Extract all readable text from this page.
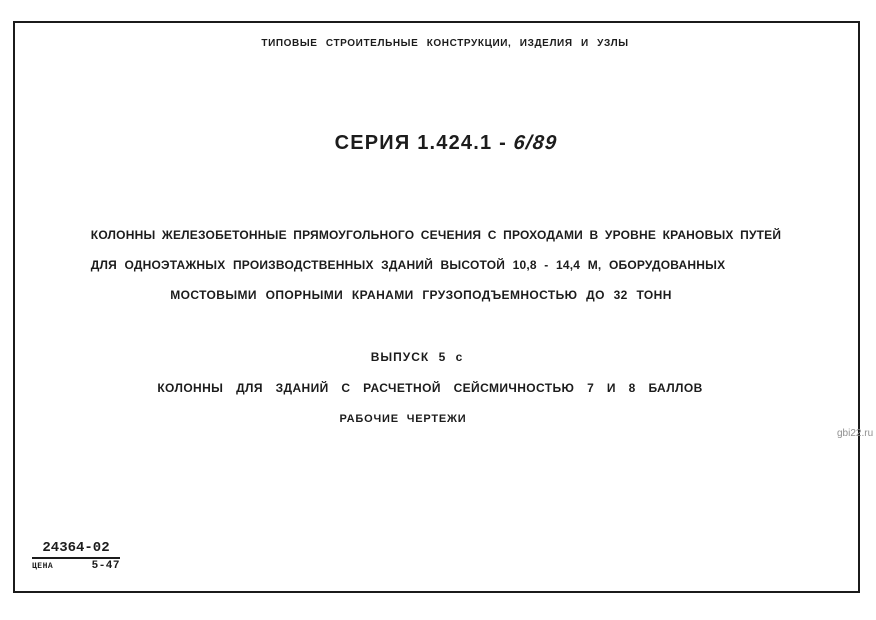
ТИПОВЫЕ СТРОИТЕЛЬНЫЕ КОНСТРУКЦИИ, ИЗДЕЛИЯ И УЗЛЫ
СЕРИЯ 1.424.1 - 6/89
КОЛОННЫ ЖЕЛЕЗОБЕТОННЫЕ ПРЯМОУГОЛЬНОГО СЕЧЕНИЯ С ПРОХОДАМИ В УРОВНЕ КРАНОВЫХ ПУТЕЙ
ДЛЯ ОДНОЭТАЖНЫХ ПРОИЗВОДСТВЕННЫХ ЗДАНИЙ ВЫСОТОЙ 10,8 - 14,4 М, ОБОРУДОВАННЫХ
МОСТОВЫМИ ОПОРНЫМИ КРАНАМИ ГРУЗОПОДЪЕМНОСТЬЮ ДО 32 ТОНН
ВЫПУСК 5 с
КОЛОННЫ ДЛЯ ЗДАНИЙ С РАСЧЕТНОЙ СЕЙСМИЧНОСТЬЮ 7 И 8 БАЛЛОВ
РАБОЧИЕ ЧЕРТЕЖИ
24364-02
ЦЕНА	5-47
gbi22.ru
